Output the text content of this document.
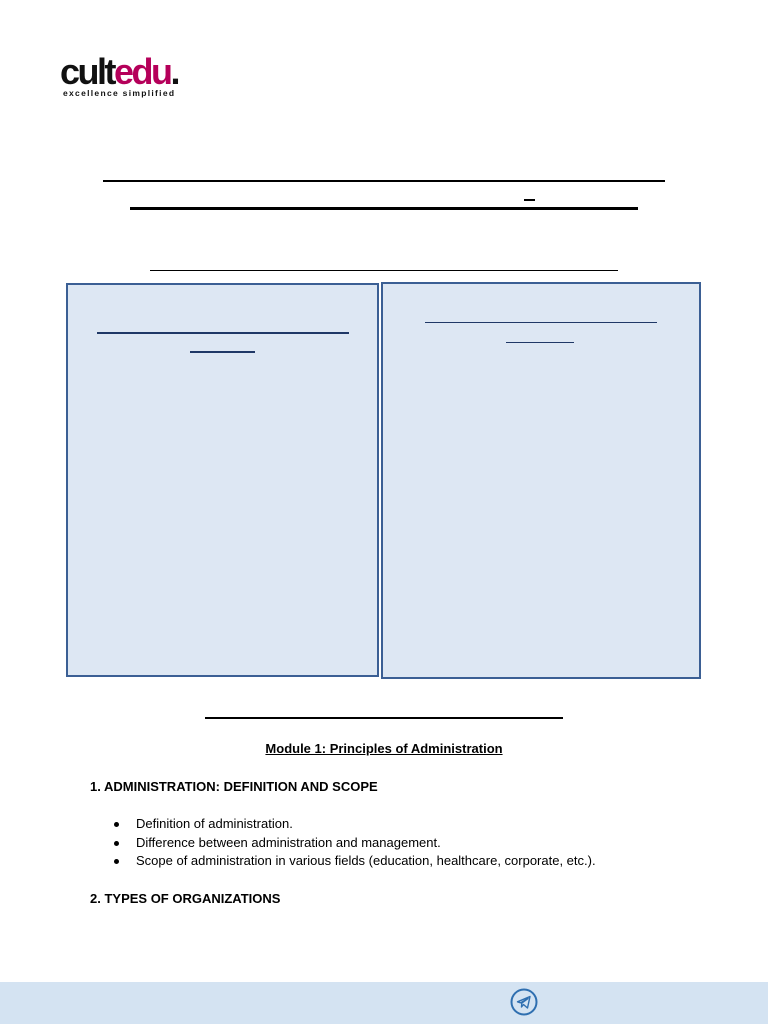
cultedu.
excellence simplified
Module 1: Principles of Administration
1. ADMINISTRATION: DEFINITION AND SCOPE
Definition of administration.
Difference between administration and management.
Scope of administration in various fields (education, healthcare, corporate, etc.).
2. TYPES OF ORGANIZATIONS
